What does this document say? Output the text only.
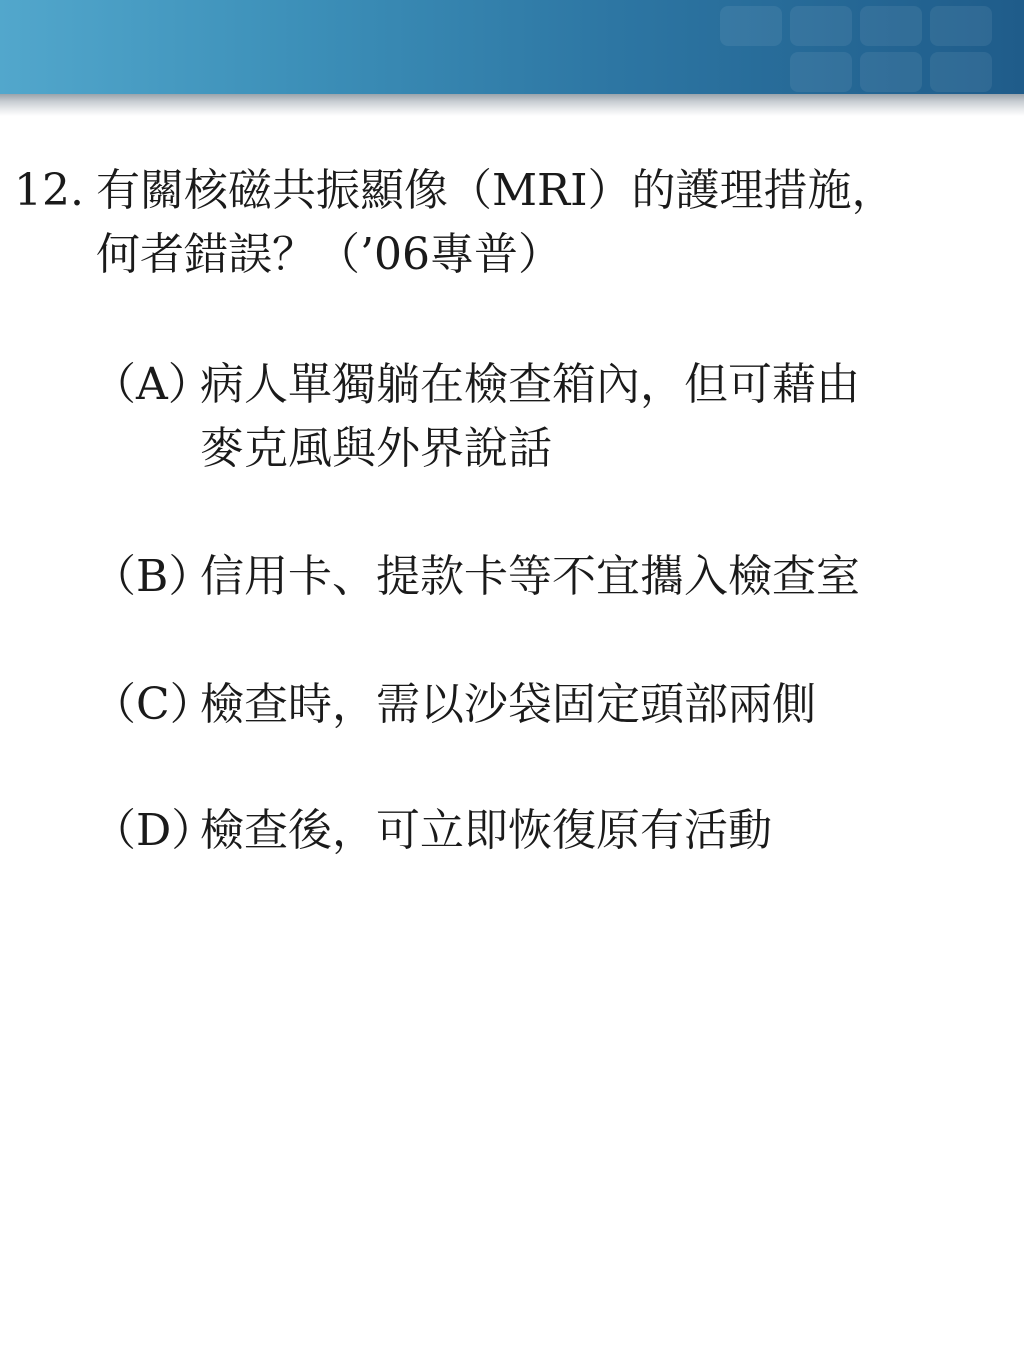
12. 有關核磁共振顯像（MRI）的護理措施，
何者錯誤？（’06專普）
（A）
病人單獨躺在檢查箱內，但可藉由
麥克風與外界說話
（B）
信用卡、提款卡等不宜攜入檢查室
（C）
檢查時，需以沙袋固定頭部兩側
（D）
檢查後，可立即恢復原有活動
